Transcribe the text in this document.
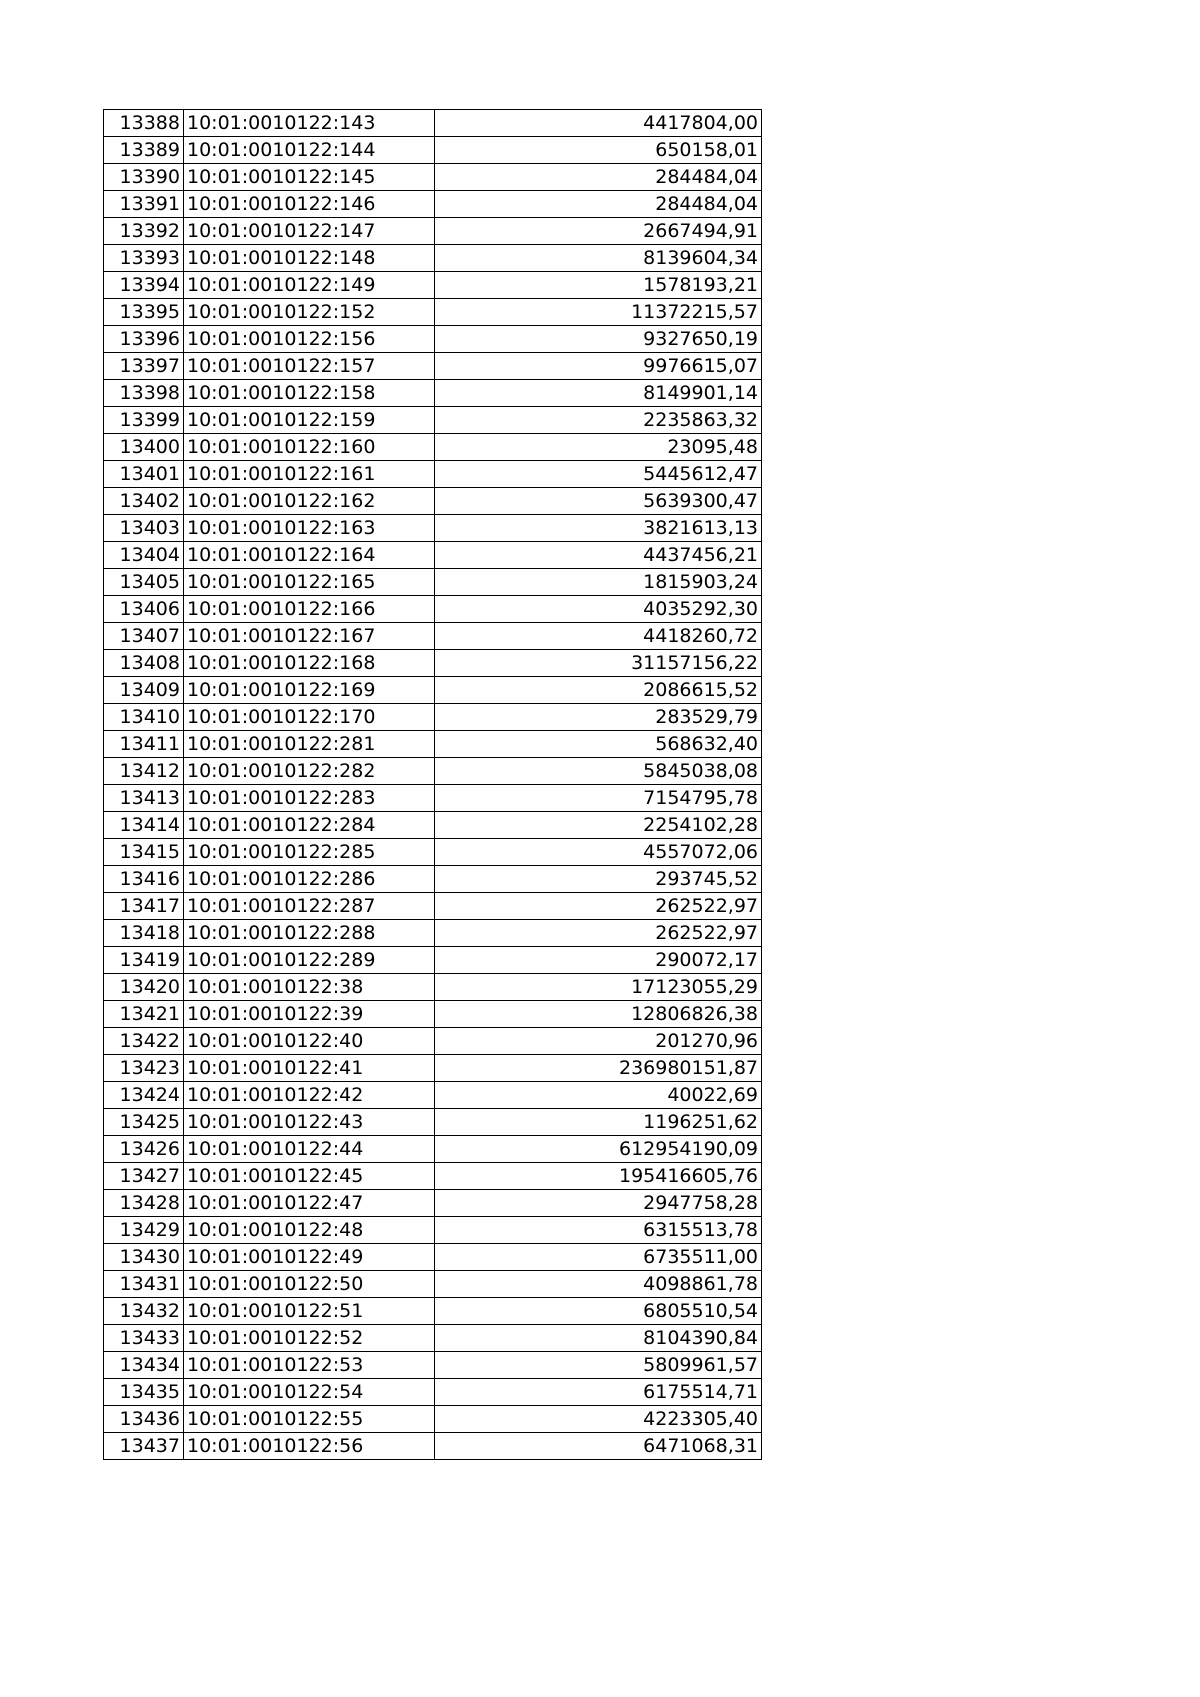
13388	10:01:0010122:143	4417804,00
13389	10:01:0010122:144	650158,01
13390	10:01:0010122:145	284484,04
13391	10:01:0010122:146	284484,04
13392	10:01:0010122:147	2667494,91
13393	10:01:0010122:148	8139604,34
13394	10:01:0010122:149	1578193,21
13395	10:01:0010122:152	11372215,57
13396	10:01:0010122:156	9327650,19
13397	10:01:0010122:157	9976615,07
13398	10:01:0010122:158	8149901,14
13399	10:01:0010122:159	2235863,32
13400	10:01:0010122:160	23095,48
13401	10:01:0010122:161	5445612,47
13402	10:01:0010122:162	5639300,47
13403	10:01:0010122:163	3821613,13
13404	10:01:0010122:164	4437456,21
13405	10:01:0010122:165	1815903,24
13406	10:01:0010122:166	4035292,30
13407	10:01:0010122:167	4418260,72
13408	10:01:0010122:168	31157156,22
13409	10:01:0010122:169	2086615,52
13410	10:01:0010122:170	283529,79
13411	10:01:0010122:281	568632,40
13412	10:01:0010122:282	5845038,08
13413	10:01:0010122:283	7154795,78
13414	10:01:0010122:284	2254102,28
13415	10:01:0010122:285	4557072,06
13416	10:01:0010122:286	293745,52
13417	10:01:0010122:287	262522,97
13418	10:01:0010122:288	262522,97
13419	10:01:0010122:289	290072,17
13420	10:01:0010122:38	17123055,29
13421	10:01:0010122:39	12806826,38
13422	10:01:0010122:40	201270,96
13423	10:01:0010122:41	236980151,87
13424	10:01:0010122:42	40022,69
13425	10:01:0010122:43	1196251,62
13426	10:01:0010122:44	612954190,09
13427	10:01:0010122:45	195416605,76
13428	10:01:0010122:47	2947758,28
13429	10:01:0010122:48	6315513,78
13430	10:01:0010122:49	6735511,00
13431	10:01:0010122:50	4098861,78
13432	10:01:0010122:51	6805510,54
13433	10:01:0010122:52	8104390,84
13434	10:01:0010122:53	5809961,57
13435	10:01:0010122:54	6175514,71
13436	10:01:0010122:55	4223305,40
13437	10:01:0010122:56	6471068,31
